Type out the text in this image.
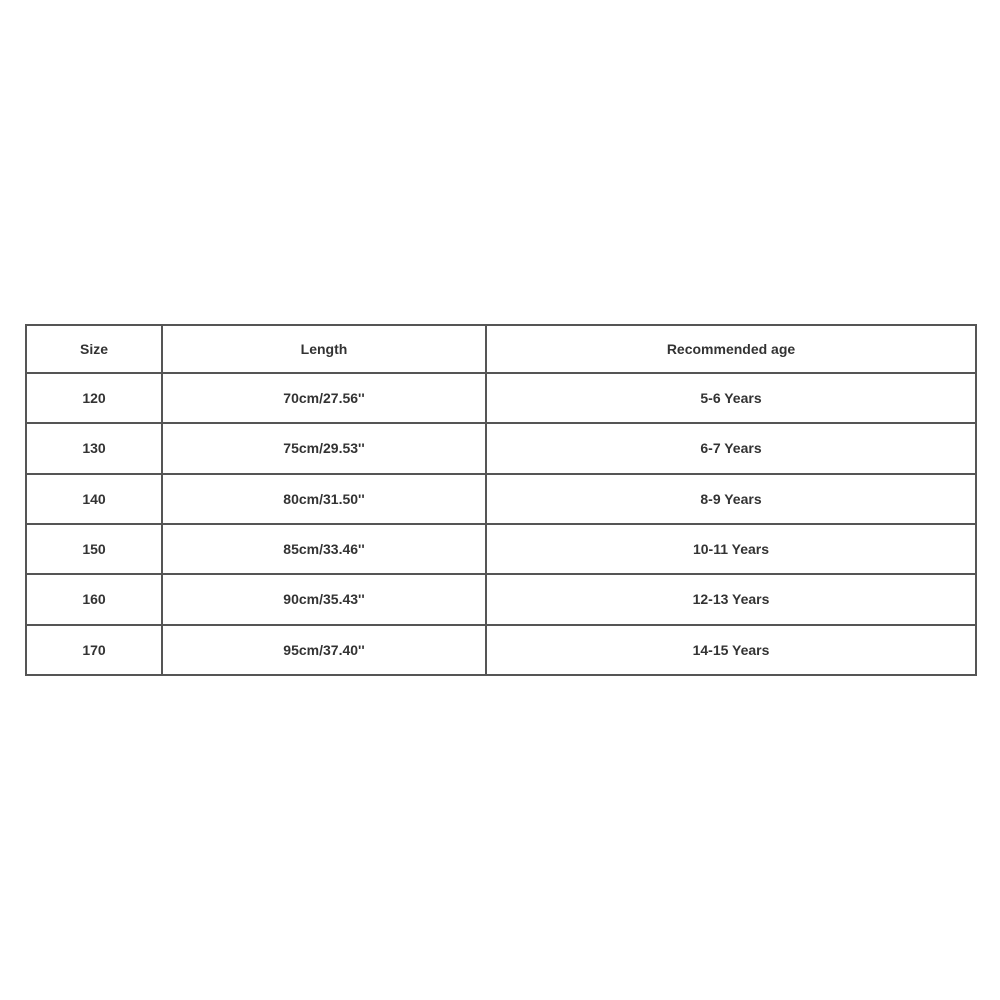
Size	Length	Recommended age
120	70cm/27.56''	5-6 Years
130	75cm/29.53''	6-7 Years
140	80cm/31.50''	8-9 Years
150	85cm/33.46''	10-11 Years
160	90cm/35.43''	12-13 Years
170	95cm/37.40''	14-15 Years
